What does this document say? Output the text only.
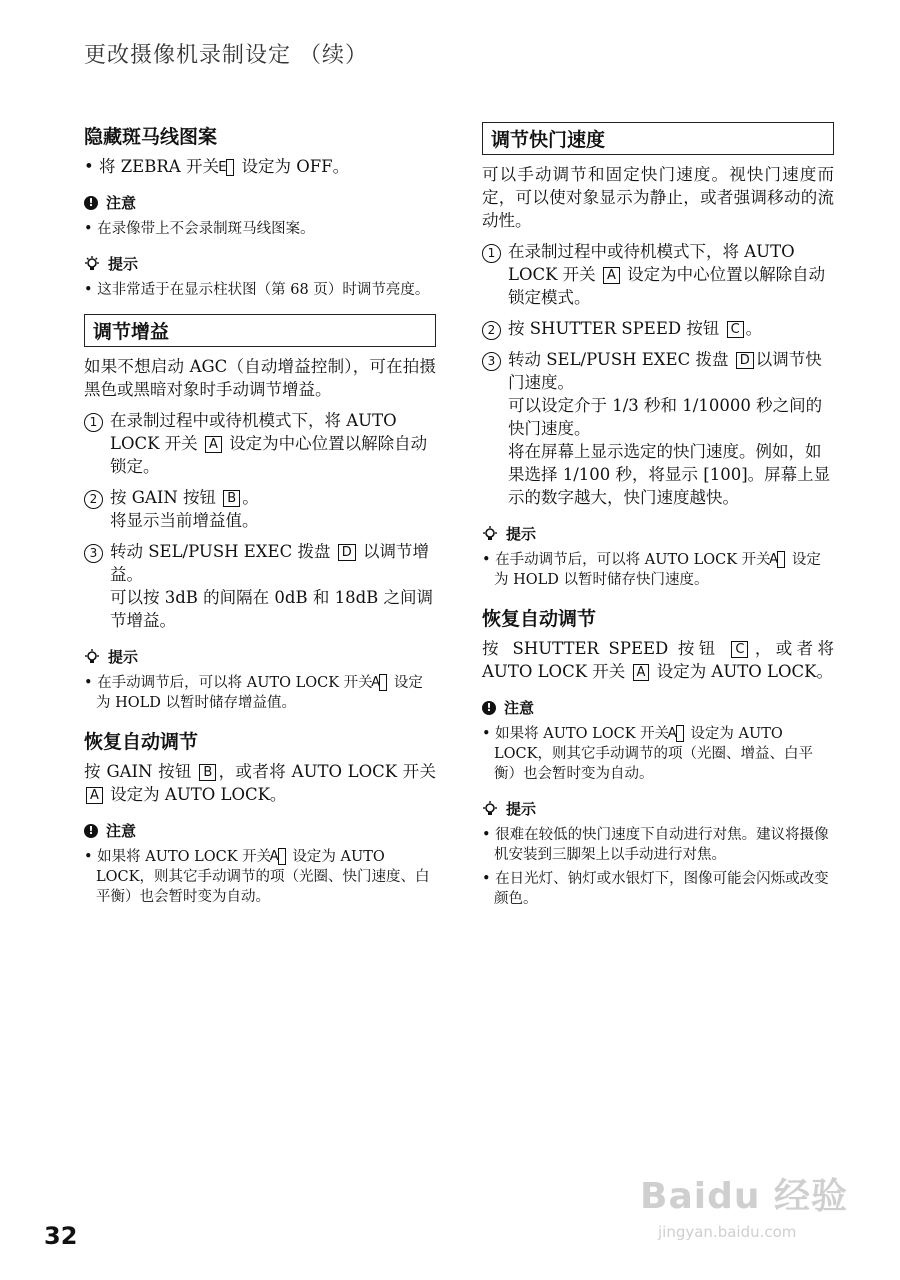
更改摄像机录制设定 （续）
隐藏斑马线图案

• 将 ZEBRA 开关 E 设定为 OFF。

! 注意

• 在录像带上不会录制斑马线图案。

提示

• 这非常适于在显示柱状图（第 68 页）时调节亮度。

调节增益

如果不想启动 AGC（自动增益控制），可在拍摄黑色或黑暗对象时手动调节增益。

1 在录制过程中或待机模式下，将 AUTO LOCK 开关 A 设定为中心位置以解除自动锁定。

2 按 GAIN 按钮 B 。

将显示当前增益值。

3 转动 SEL/PUSH EXEC 拨盘 D 以调节增益。

可以按 3dB 的间隔在 0dB 和 18dB 之间调节增益。

提示

• 在手动调节后，可以将 AUTO LOCK 开关 A 设定为 HOLD 以暂时储存增益值。

恢复自动调节

按 GAIN 按钮 B ，或者将 AUTO LOCK 开关 A 设定为 AUTO LOCK。

! 注意

• 如果将 AUTO LOCK 开关 A 设定为 AUTO LOCK，则其它手动调节的项（光圈、快门速度、白平衡）也会暂时变为自动。

调节快门速度

可以手动调节和固定快门速度。视快门速度而定，可以使对象显示为静止，或者强调移动的流动性。

1 在录制过程中或待机模式下，将 AUTO LOCK 开关 A 设定为中心位置以解除自动锁定模式。

2 按 SHUTTER SPEED 按钮 C 。

3 转动 SEL/PUSH EXEC 拨盘 D 以调节快门速度。

可以设定介于 1/3 秒和 1/10000 秒之间的快门速度。

将在屏幕上显示选定的快门速度。例如，如果选择 1/100 秒，将显示 [100]。屏幕上显示的数字越大，快门速度越快。

提示

• 在手动调节后，可以将 AUTO LOCK 开关 A 设定为 HOLD 以暂时储存快门速度。

恢复自动调节

按 SHUTTER SPEED 按钮 C ，或者将 AUTO LOCK 开关 A 设定为 AUTO LOCK。

! 注意

• 如果将 AUTO LOCK 开关 A 设定为 AUTO LOCK，则其它手动调节的项（光圈、增益、白平衡）也会暂时变为自动。

提示

• 很难在较低的快门速度下自动进行对焦。建议将摄像机安装到三脚架上以手动进行对焦。

• 在日光灯、钠灯或水银灯下，图像可能会闪烁或改变颜色。

32
Baidu 经验
jingyan.baidu.com
